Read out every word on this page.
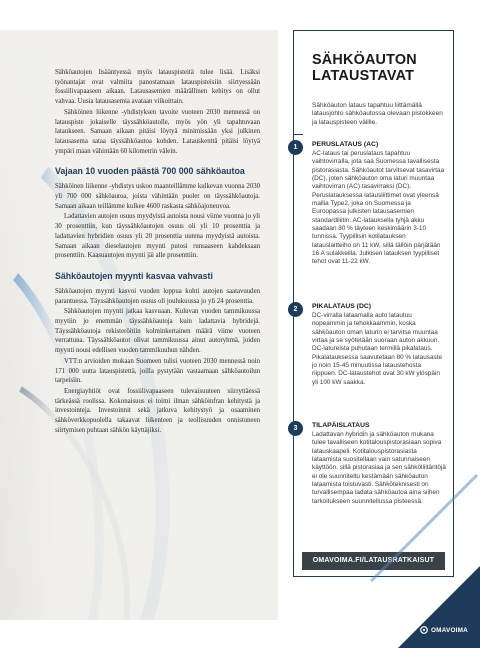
Sähköautojen lisääntyessä myös latauspisteitä tulee lisää. Lisäksi työnantajat ovat valmiita panostamaan latauspisteisiin siirtyessään fossiilivapaaseen aikaan. Latausasemien määrällinen kehitys on ollut vahvaa. Uusia latausasemia avataan viikoittain.

Sähköinen liikenne -yhdistyksen tavoite vuoteen 2030 mennessä on latauspiste jokaiselle täyssähköautolle, myös yön yli tapahtuvaan lataukseen. Samaan aikaan pitäisi löytyä minimissään yksi julkinen latausasema sataa täyssähköautoa kohden. Latauskenttä pitäisi löytyä ympäri maan vähintään 60 kilometrin välein.

Vajaan 10 vuoden päästä 700 000 sähköautoa

Sähköinen liikenne -yhdistys uskoo maanteillämme kulkevan vuonna 2030 yli 700 000 sähköautoa, joista vähintään puolet on täyssähköautoja. Samaan aikaan teillämme kulkee 4600 raskasta sähköajoneuvoa.

Ladattavien autojen osuus myydyistä autoista nousi viime vuonna jo yli 30 prosenttiin, kun täyssähköautojen osuus oli yli 10 prosenttia ja ladattavien hybridien osuus yli 20 prosenttia uutena myydyistä autoista. Samaan aikaan dieselautojen myynti putosi runsaaseen kahdeksaan prosenttiin. Kaasuautojen myynti jäi alle prosenttiin.

Sähköautojen myynti kasvaa vahvasti

Sähköautojen myynti kasvoi vuoden loppua kohti autojen saatavuuden parantuessa. Täyssähköautojen osuus oli joulukuussa jo yli 24 prosenttia.

Sähköautojen myynti jatkaa kasvuaan. Kuluvan vuoden tammikuussa myytiin jo enemmän täyssähköautoja kuin ladattavia hybridejä. Täyssähköautoja rekisteröitiin kolminkertainen määrä viime vuoteen verrattuna. Täyssähköautot olivat tammikuussa ainut autoryhmä, joiden myynti nousi edellisen vuoden tammikuuhun nähden.

VTT:n arvioiden mukaan Suomeen tulisi vuoteen 2030 mennessä noin 171 000 uutta latauspistettä, joilla pystytään vastaamaan sähköautoilun tarpeisiin.

Energiayhtiöt ovat fossiilivapaaseen tulevaisuuteen siirryttäessä tärkeässä roolissa. Kokonaisuus ei toimi ilman sähköinfran kehitystä ja investointeja. Investoinnit sekä jatkuva kehitystyö ja osaaminen sähköverkkopuolella takaavat liikenteen ja teollisuuden onnistuneen siirtymisen puhtaan sähkön käyttäjiksi.

SÄHKÖAUTON LATAUSTAVAT

Sähköauton lataus tapahtuu liittämällä latausjohto sähköautossa olevaan pistokkeen ja latauspisteen välille.

1	PERUSLATAUS (AC)
AC-lataus tai peruslataus tapahtuu vaihtovirralla, jota saa Suomessa tavallisesta pistorasiasta. Sähköautot tarvitsevat tasavirtaa (DC), joten sähköauton oma laturi muuntaa vaihtovirran (AC) tasavirraksi (DC). Peruslatauksessa latausliittimet ovat yleensä malliа Type2, joka on Suomessa ja Euroopassa julkisten latausasemien standardiliitin. AC-latauksella tyhjä akku saadaan 80 % täyteen keskimäärin 3-10 tunnissa. Tyypillisin kotilatauksen latauslaitteiho on 11 kW, sillä tällöin pärjätään 16 A sulakkeilla. Julkisen latauksen tyypilliset tehot ovat 11-22 kW.
2	PIKALATAUS (DC)
DC-virralla lataamalla auto latautuu nopeammin ja tehokkaammin, koska sähköauton oman laturin ei tarvitse muuntaa virtaa ja se syötetään suoraan auton akkuun. DC-latureista puhutaan termillä pikalataus. Pikalatauksessa saavutetaan 80 % latausaste jo noin 15-45 minuutissa lataustehosta riippuen. DC-lataustehot ovat 30 kW ylöspäin yli 100 kW saakka.
3	TILAPÄISLATAUS
Ladattavan hybridin ja sähköauton mukana tulee tavalliseen kotitalouspistorasiaan sopiva latauskaapeli. Kotitalouspistorasiasta lataamista suositellaan vain satunnaiseen käyttöön, sillä pistorasiaa ja sen sähkölliitäntöjä ei ole suunniteltu kestämään sähköauton lataamista toistuvasti. Sähköteknisesti on turvallisempaa ladata sähköautoa aina siihen tarkoitukseen suunnitellussa pisteessä.
OMAVOIMA.FI/LATAUSRATKAISUT
OMAVOIMA
